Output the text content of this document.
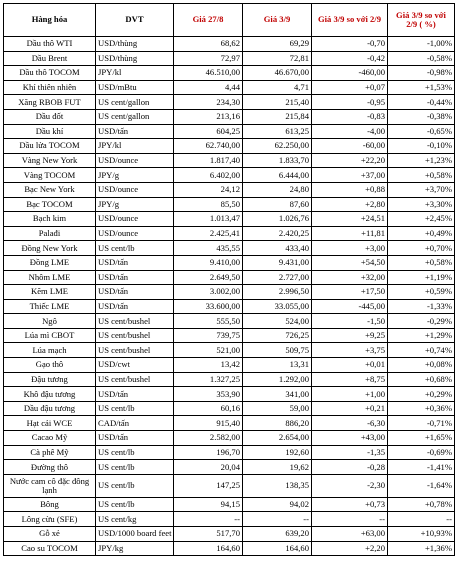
Hàng hóa	DVT	Giá 27/8	Giá 3/9	Giá 3/9 so với 2/9	Giá 3/9 so với 2/9 ( %)
Dầu thô WTI	USD/thùng	68,62	69,29	-0,70	-1,00%
Dầu Brent	USD/thùng	72,97	72,81	-0,42	-0,58%
Dầu thô TOCOM	JPY/kl	46.510,00	46.670,00	-460,00	-0,98%
Khí thiên nhiên	USD/mBtu	4,44	4,71	+0,07	+1,53%
Xăng RBOB FUT	US cent/gallon	234,30	215,40	-0,95	-0,44%
Dầu đốt	US cent/gallon	213,16	215,84	-0,83	-0,38%
Dầu khí	USD/tấn	604,25	613,25	-4,00	-0,65%
Dầu lửa TOCOM	JPY/kl	62.740,00	62.250,00	-60,00	-0,10%
Vàng New York	USD/ounce	1.817,40	1.833,70	+22,20	+1,23%
Vàng TOCOM	JPY/g	6.402,00	6.444,00	+37,00	+0,58%
Bạc New York	USD/ounce	24,12	24,80	+0,88	+3,70%
Bạc TOCOM	JPY/g	85,50	87,60	+2,80	+3,30%
Bạch kim	USD/ounce	1.013,47	1.026,76	+24,51	+2,45%
Palađi	USD/ounce	2.425,41	2.420,25	+11,81	+0,49%
Đồng New York	US cent/lb	435,55	433,40	+3,00	+0,70%
Đồng LME	USD/tấn	9.410,00	9.431,00	+54,50	+0,58%
Nhôm LME	USD/tấn	2.649,50	2.727,00	+32,00	+1,19%
Kẽm LME	USD/tấn	3.002,00	2.996,50	+17,50	+0,59%
Thiếc LME	USD/tấn	33.600,00	33.055,00	-445,00	-1,33%
Ngô	US cent/bushel	555,50	524,00	-1,50	-0,29%
Lúa mì CBOT	US cent/bushel	739,75	726,25	+9,25	+1,29%
Lúa mạch	US cent/bushel	521,00	509,75	+3,75	+0,74%
Gạo thô	USD/cwt	13,42	13,31	+0,01	+0,08%
Đậu tương	US cent/bushel	1.327,25	1.292,00	+8,75	+0,68%
Khô đậu tương	USD/tấn	353,90	341,00	+1,00	+0,29%
Dầu đậu tương	US cent/lb	60,16	59,00	+0,21	+0,36%
Hạt cải WCE	CAD/tấn	915,40	886,20	-6,30	-0,71%
Cacao Mỹ	USD/tấn	2.582,00	2.654,00	+43,00	+1,65%
Cà phê Mỹ	US cent/lb	196,70	192,60	-1,35	-0,69%
Đường thô	US cent/lb	20,04	19,62	-0,28	-1,41%
Nước cam cô đặc đông lạnh	US cent/lb	147,25	138,35	-2,30	-1,64%
Bông	US cent/lb	94,15	94,02	+0,73	+0,78%
Lông cừu (SFE)	US cent/kg	--	--	--	--
Gỗ xẻ	USD/1000 board feet	517,70	639,20	+63,00	+10,93%
Cao su TOCOM	JPY/kg	164,60	164,60	+2,20	+1,36%
